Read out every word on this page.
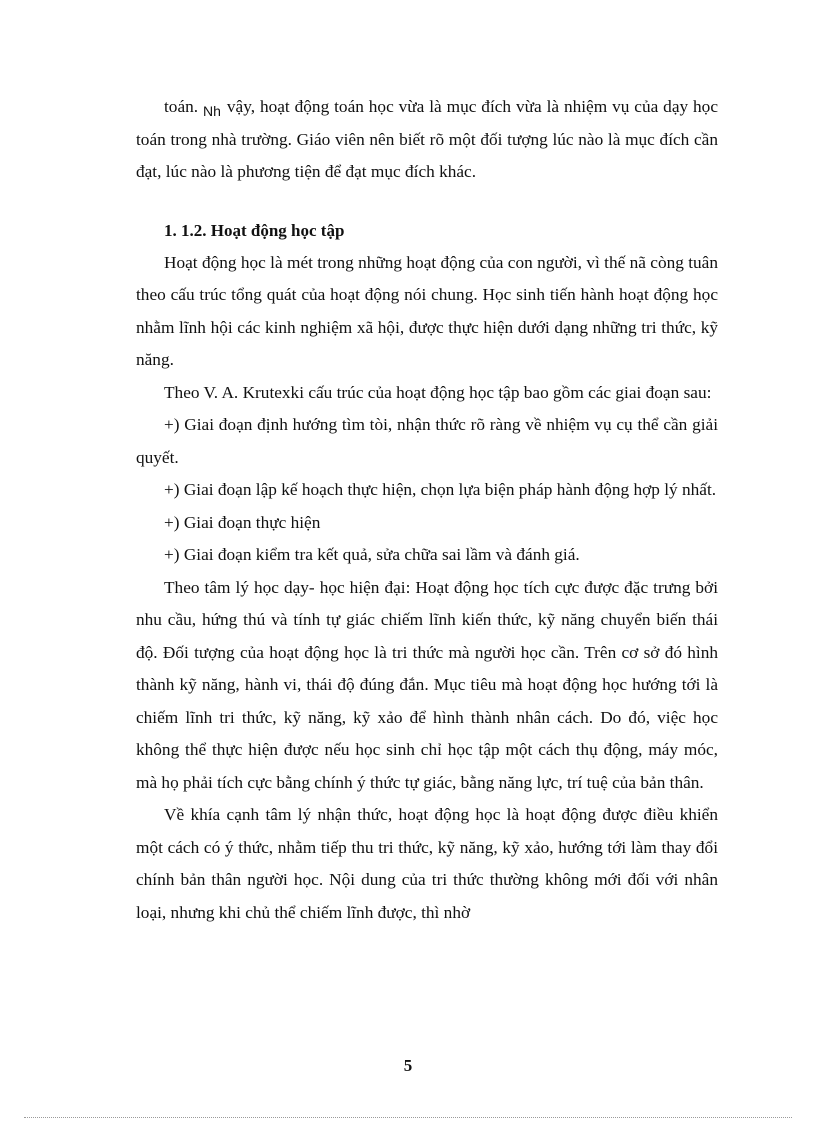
toán. $_{Nh}$ vậy, hoạt động toán học vừa là mục đích vừa là nhiệm vụ của dạy học toán trong nhà trường. Giáo viên nên biết rõ một đối tượng lúc nào là mục đích cần đạt, lúc nào là phương tiện để đạt mục đích khác.

1. 1.2. Hoạt động học tập

Hoạt động học là mét trong những hoạt động của con người, vì thế nã còng tuân theo cấu trúc tổng quát của hoạt động nói chung. Học sinh tiến hành hoạt động học nhằm lĩnh hội các kinh nghiệm xã hội, được thực hiện dưới dạng những tri thức, kỹ năng.

Theo V. A. Krutexki cấu trúc của hoạt động học tập bao gồm các giai đoạn sau:

+) Giai đoạn định hướng tìm tòi, nhận thức rõ ràng về nhiệm vụ cụ thể cần giải quyết.

+) Giai đoạn lập kế hoạch thực hiện, chọn lựa biện pháp hành động hợp lý nhất.

+) Giai đoạn thực hiện

+) Giai đoạn kiểm tra kết quả, sửa chữa sai lầm và đánh giá.

Theo tâm lý học dạy- học hiện đại: Hoạt động học tích cực được đặc trưng bởi nhu cầu, hứng thú và tính tự giác chiếm lĩnh kiến thức, kỹ năng chuyển biến thái độ. Đối tượng của hoạt động học là tri thức mà người học cần. Trên cơ sở đó hình thành kỹ năng, hành vi, thái độ đúng đắn. Mục tiêu mà hoạt động học hướng tới là chiếm lĩnh tri thức, kỹ năng, kỹ xảo để hình thành nhân cách. Do đó, việc học không thể thực hiện được nếu học sinh chỉ học tập một cách thụ động, máy móc, mà họ phải tích cực bằng chính ý thức tự giác, bằng năng lực, trí tuệ của bản thân.

Về khía cạnh tâm lý nhận thức, hoạt động học là hoạt động được điều khiển một cách có ý thức, nhằm tiếp thu tri thức, kỹ năng, kỹ xảo, hướng tới làm thay đổi chính bản thân người học. Nội dung của tri thức thường không mới đối với nhân loại, nhưng khi chủ thể chiếm lĩnh được, thì nhờ

5
